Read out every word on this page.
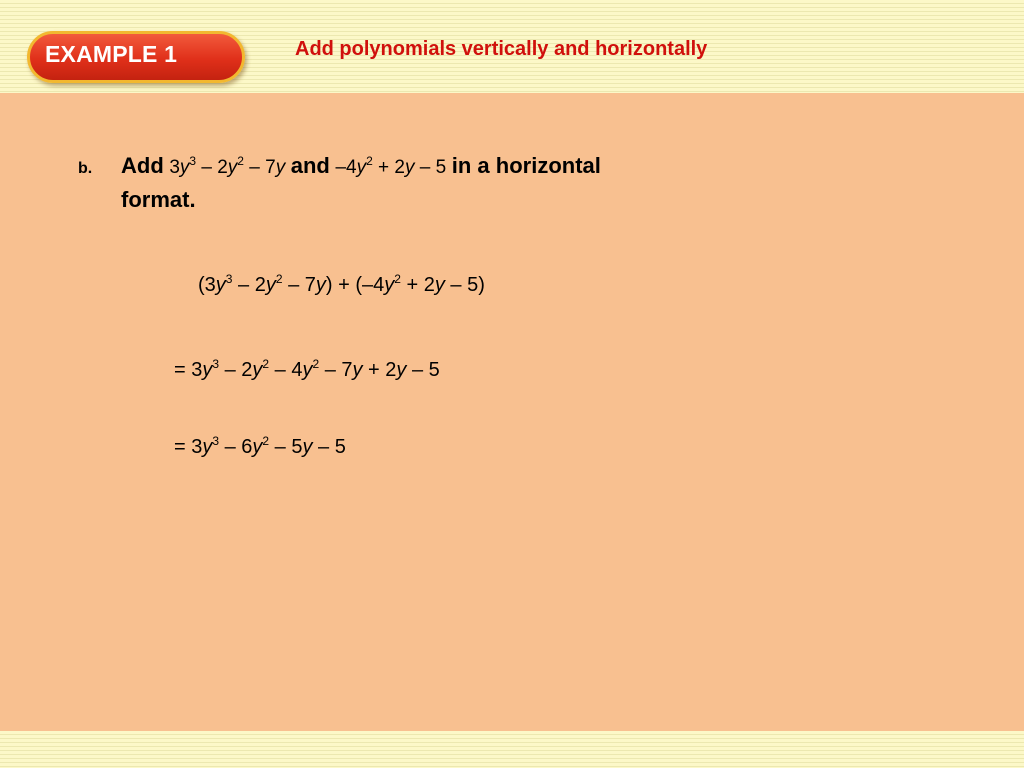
EXAMPLE 1	Add polynomials vertically and horizontally
b. Add $3y^3 - 2y^2 - 7y$ and $-4y^2 + 2y - 5$ in a horizontal
format.
$(3y^3 - 2y^2 - 7y) + (-4y^2 + 2y - 5)$
= $3y^3 - 2y^2 - 4y^2 - 7y + 2y - 5$
= $3y^3 - 6y^2 - 5y - 5$
